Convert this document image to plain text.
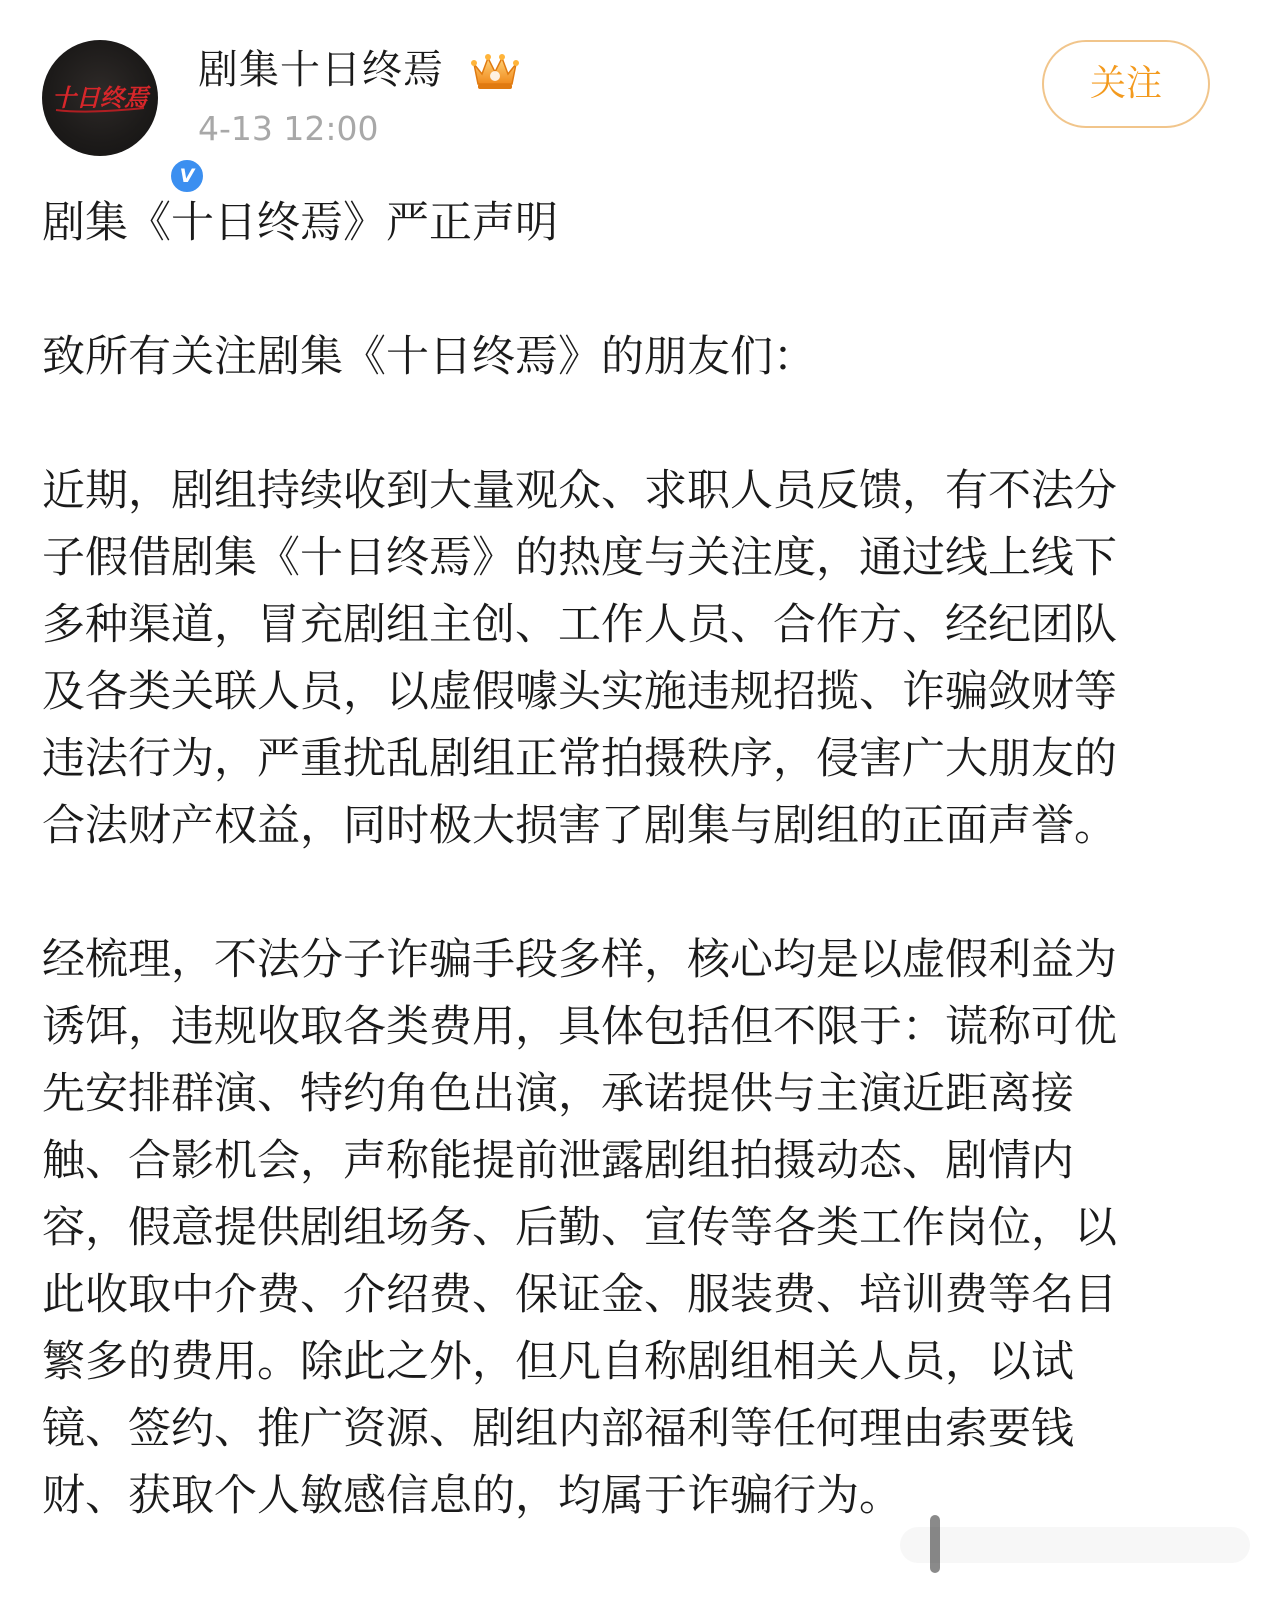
十日终焉
V
剧集十日终焉
4-13 12:00
关注

剧集《十日终焉》严正声明

致所有关注剧集《十日终焉》的朋友们：

近期，剧组持续收到大量观众、求职人员反馈，有不法分

子假借剧集《十日终焉》的热度与关注度，通过线上线下

多种渠道，冒充剧组主创、工作人员、合作方、经纪团队

及各类关联人员，以虚假噱头实施违规招揽、诈骗敛财等

违法行为，严重扰乱剧组正常拍摄秩序，侵害广大朋友的

合法财产权益，同时极大损害了剧集与剧组的正面声誉。

经梳理，不法分子诈骗手段多样，核心均是以虚假利益为

诱饵，违规收取各类费用，具体包括但不限于：谎称可优

先安排群演、特约角色出演，承诺提供与主演近距离接

触、合影机会，声称能提前泄露剧组拍摄动态、剧情内

容，假意提供剧组场务、后勤、宣传等各类工作岗位，以

此收取中介费、介绍费、保证金、服装费、培训费等名目

繁多的费用。除此之外，但凡自称剧组相关人员，以试

镜、签约、推广资源、剧组内部福利等任何理由索要钱

财、获取个人敏感信息的，均属于诈骗行为。
